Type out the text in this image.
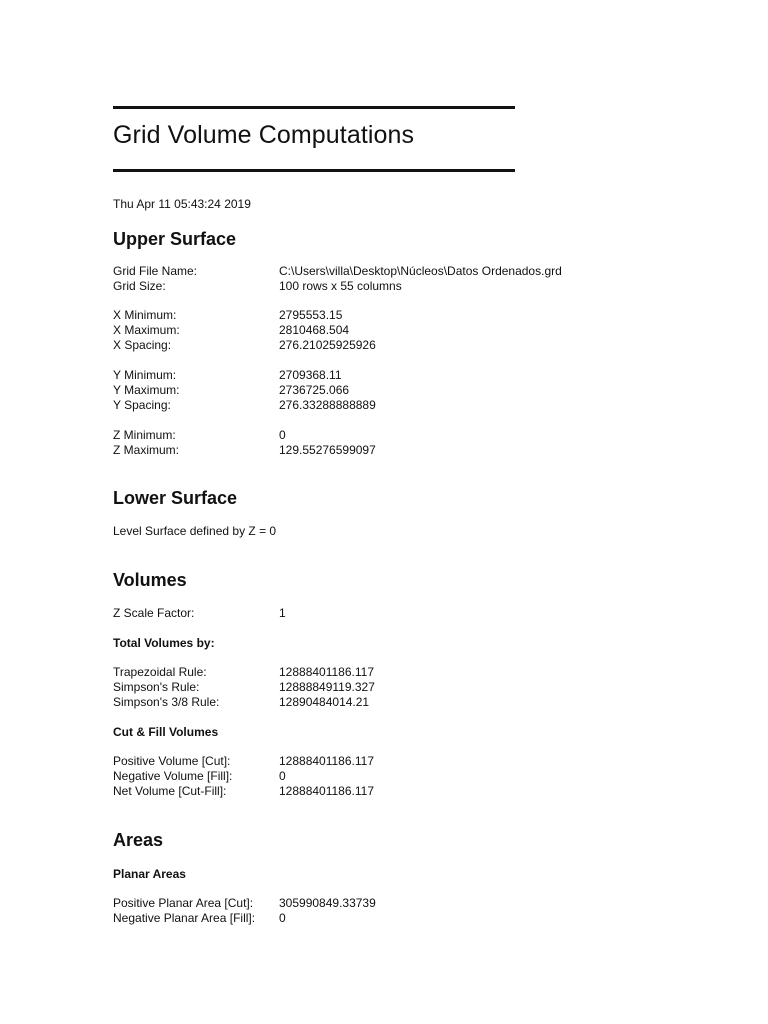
Grid Volume Computations
Thu Apr 11 05:43:24 2019
Upper Surface
Grid File Name:	C:\Users\villa\Desktop\Núcleos\Datos Ordenados.grd
Grid Size:	100 rows x 55 columns
X Minimum:	2795553.15
X Maximum:	2810468.504
X Spacing:	276.21025925926
Y Minimum:	2709368.11
Y Maximum:	2736725.066
Y Spacing:	276.33288888889
Z Minimum:	0
Z Maximum:	129.55276599097
Lower Surface
Level Surface defined by Z = 0
Volumes
Z Scale Factor:	1
Total Volumes by:
Trapezoidal Rule:	12888401186.117
Simpson's Rule:	12888849119.327
Simpson's 3/8 Rule:	12890484014.21
Cut & Fill Volumes
Positive Volume [Cut]:	12888401186.117
Negative Volume [Fill]:	0
Net Volume [Cut-Fill]:	12888401186.117
Areas
Planar Areas
Positive Planar Area [Cut]: 305990849.33739
Negative Planar Area [Fill]: 0
